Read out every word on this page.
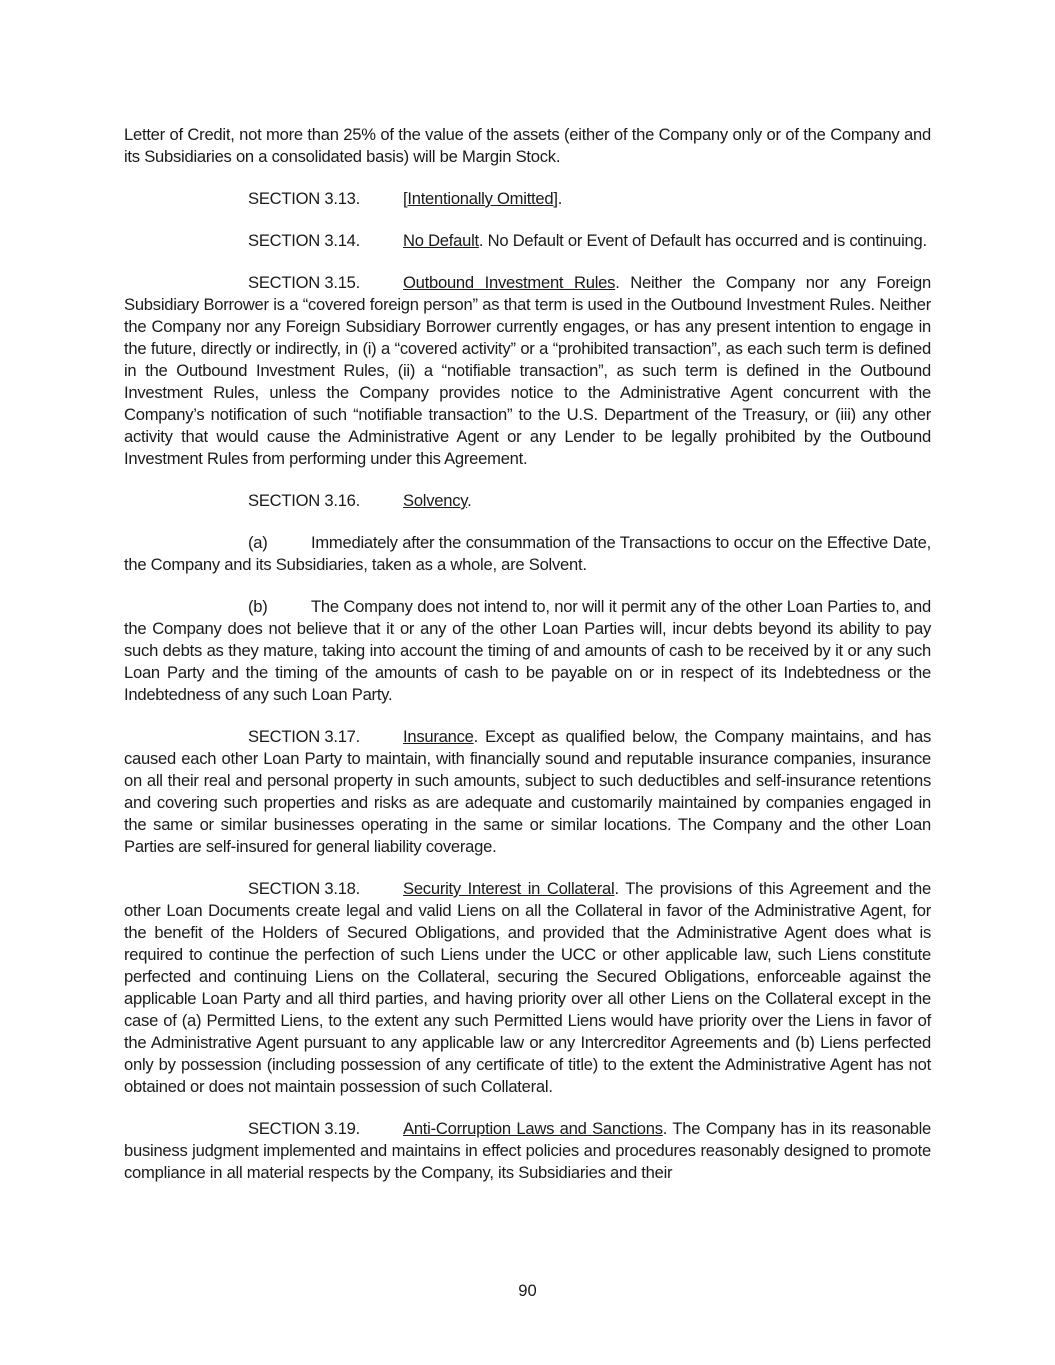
Letter of Credit, not more than 25% of the value of the assets (either of the Company only or of the Company and its Subsidiaries on a consolidated basis) will be Margin Stock.

SECTION 3.13.	[Intentionally Omitted].

SECTION 3.14.	No Default. No Default or Event of Default has occurred and is continuing.

SECTION 3.15.	Outbound Investment Rules. Neither the Company nor any Foreign Subsidiary Borrower is a “covered foreign person” as that term is used in the Outbound Investment Rules. Neither the Company nor any Foreign Subsidiary Borrower currently engages, or has any present intention to engage in the future, directly or indirectly, in (i) a “covered activity” or a “prohibited transaction”, as each such term is defined in the Outbound Investment Rules, (ii) a “notifiable transaction”, as such term is defined in the Outbound Investment Rules, unless the Company provides notice to the Administrative Agent concurrent with the Company’s notification of such “notifiable transaction” to the U.S. Department of the Treasury, or (iii) any other activity that would cause the Administrative Agent or any Lender to be legally prohibited by the Outbound Investment Rules from performing under this Agreement.

SECTION 3.16.	Solvency.

(a)	Immediately after the consummation of the Transactions to occur on the Effective Date, the Company and its Subsidiaries, taken as a whole, are Solvent.

(b)	The Company does not intend to, nor will it permit any of the other Loan Parties to, and the Company does not believe that it or any of the other Loan Parties will, incur debts beyond its ability to pay such debts as they mature, taking into account the timing of and amounts of cash to be received by it or any such Loan Party and the timing of the amounts of cash to be payable on or in respect of its Indebtedness or the Indebtedness of any such Loan Party.

SECTION 3.17.	Insurance. Except as qualified below, the Company maintains, and has caused each other Loan Party to maintain, with financially sound and reputable insurance companies, insurance on all their real and personal property in such amounts, subject to such deductibles and self-insurance retentions and covering such properties and risks as are adequate and customarily maintained by companies engaged in the same or similar businesses operating in the same or similar locations. The Company and the other Loan Parties are self-insured for general liability coverage.

SECTION 3.18.	Security Interest in Collateral. The provisions of this Agreement and the other Loan Documents create legal and valid Liens on all the Collateral in favor of the Administrative Agent, for the benefit of the Holders of Secured Obligations, and provided that the Administrative Agent does what is required to continue the perfection of such Liens under the UCC or other applicable law, such Liens constitute perfected and continuing Liens on the Collateral, securing the Secured Obligations, enforceable against the applicable Loan Party and all third parties, and having priority over all other Liens on the Collateral except in the case of (a) Permitted Liens, to the extent any such Permitted Liens would have priority over the Liens in favor of the Administrative Agent pursuant to any applicable law or any Intercreditor Agreements and (b) Liens perfected only by possession (including possession of any certificate of title) to the extent the Administrative Agent has not obtained or does not maintain possession of such Collateral.

SECTION 3.19.	Anti-Corruption Laws and Sanctions. The Company has in its reasonable business judgment implemented and maintains in effect policies and procedures reasonably designed to promote compliance in all material respects by the Company, its Subsidiaries and their

90
